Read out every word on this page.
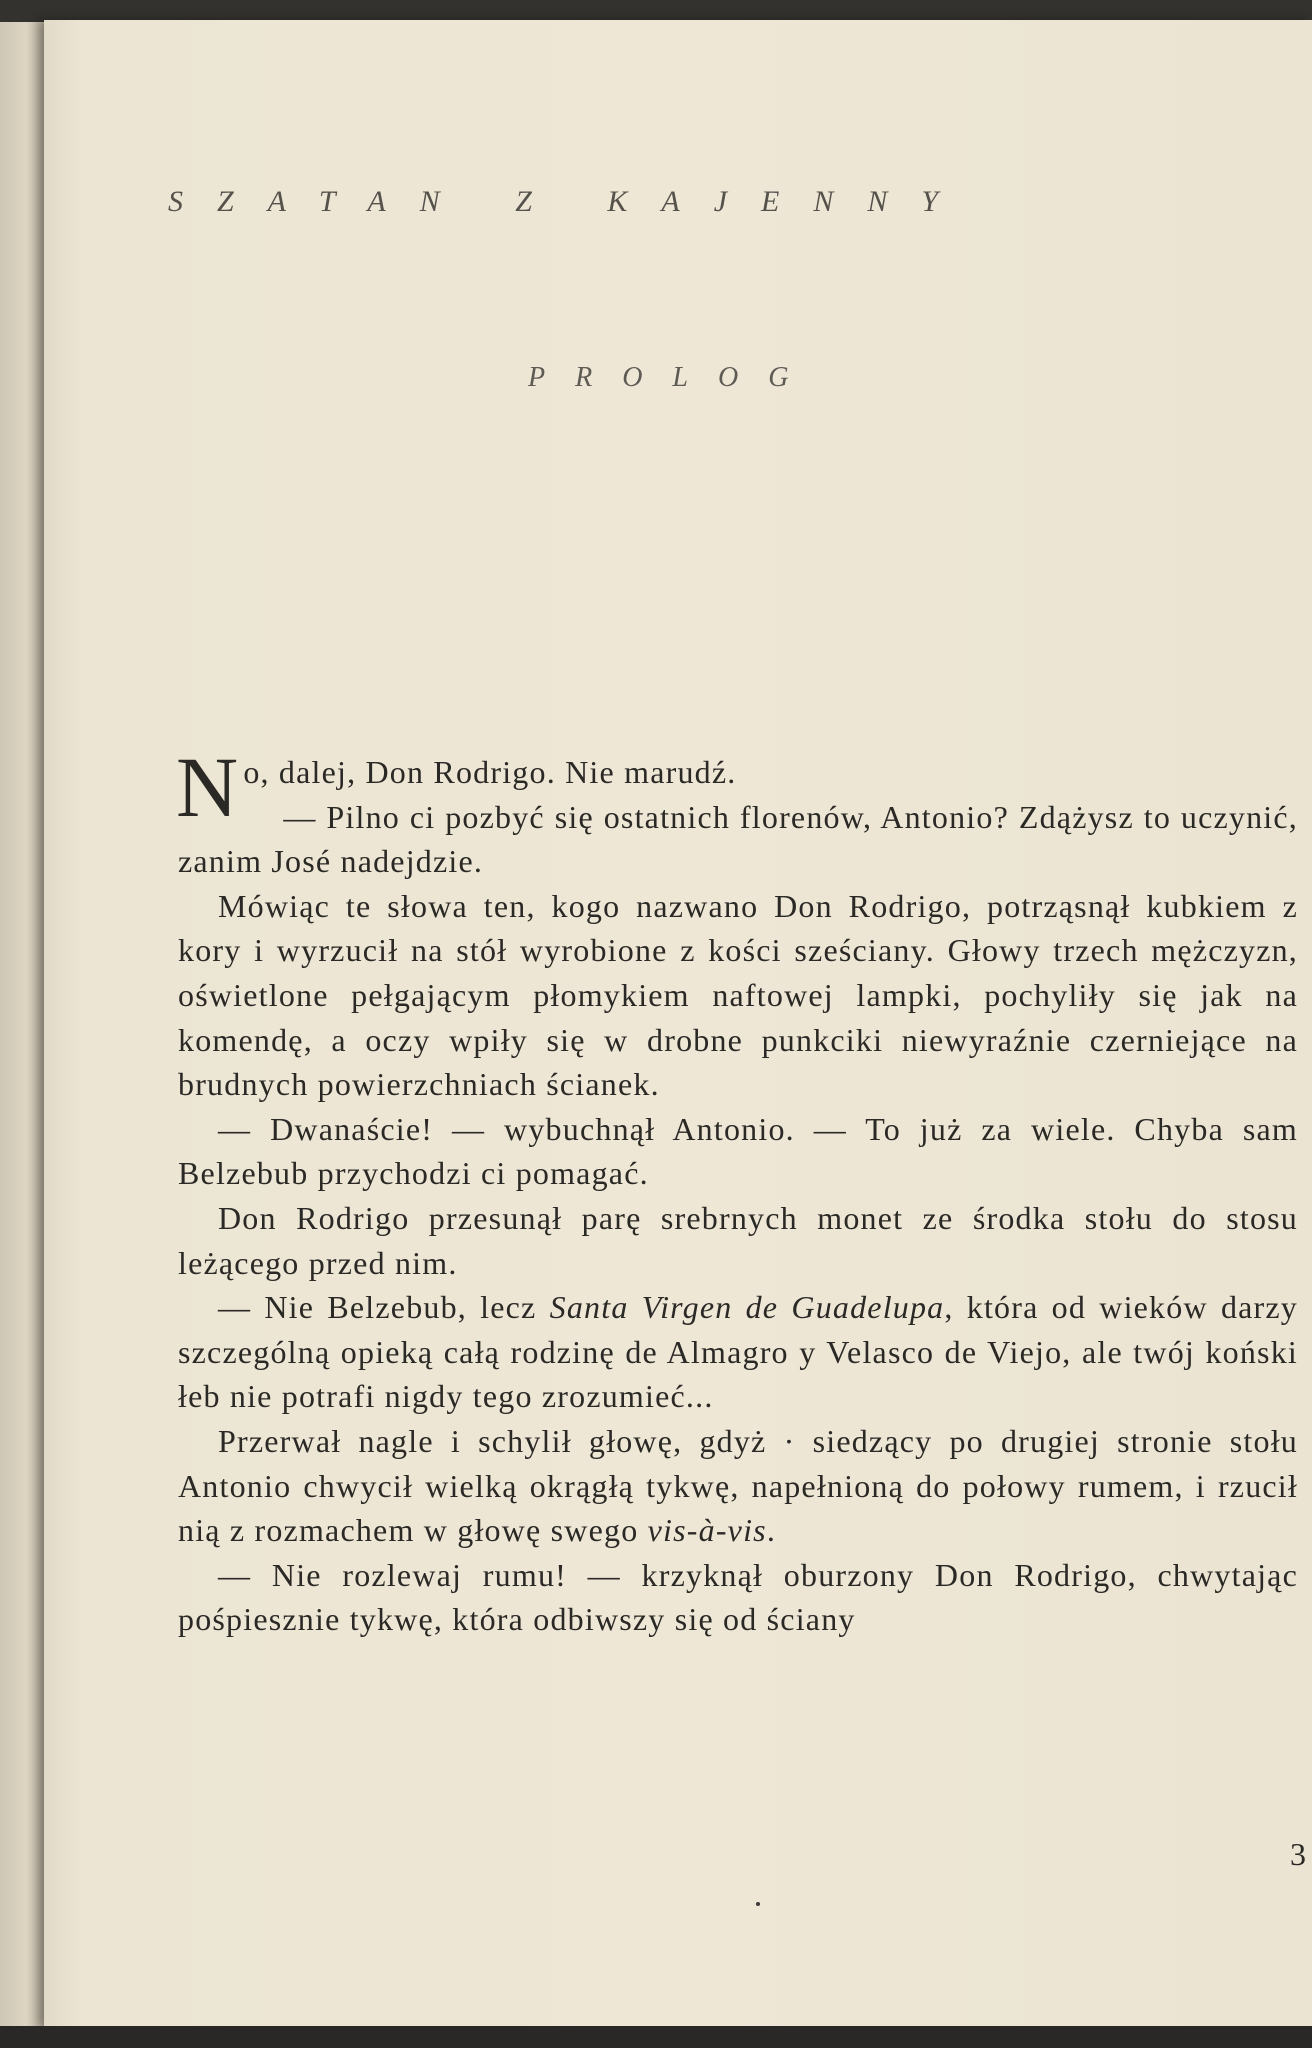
SZATAN Z KAJENNY
PROLOG

No, dalej, Don Rodrigo. Nie marudź.

— Pilno ci pozbyć się ostatnich florenów, Antonio? Zdążysz to uczynić, zanim José nadejdzie.

Mówiąc te słowa ten, kogo nazwano Don Rodrigo, potrząsnął kubkiem z kory i wyrzucił na stół wyrobione z kości sześciany. Głowy trzech mężczyzn, oświetlone pełgającym płomykiem naftowej lampki, pochyliły się jak na komendę, a oczy wpiły się w drobne punkciki niewyraźnie czerniejące na brudnych powierzchniach ścianek.

— Dwanaście! — wybuchnął Antonio. — To już za wiele. Chyba sam Belzebub przychodzi ci pomagać.

Don Rodrigo przesunął parę srebrnych monet ze środka stołu do stosu leżącego przed nim.

— Nie Belzebub, lecz Santa Virgen de Guadelupa, która od wieków darzy szczególną opieką całą rodzinę de Almagro y Velasco de Viejo, ale twój koński łeb nie potrafi nigdy tego zrozumieć...

Przerwał nagle i schylił głowę, gdyż · siedzący po drugiej stronie stołu Antonio chwycił wielką okrągłą tykwę, napełnioną do połowy rumem, i rzucił nią z rozmachem w głowę swego vis-à-vis.

— Nie rozlewaj rumu! — krzyknął oburzony Don Rodrigo, chwytając pośpiesznie tykwę, która odbiwszy się od ściany

3
